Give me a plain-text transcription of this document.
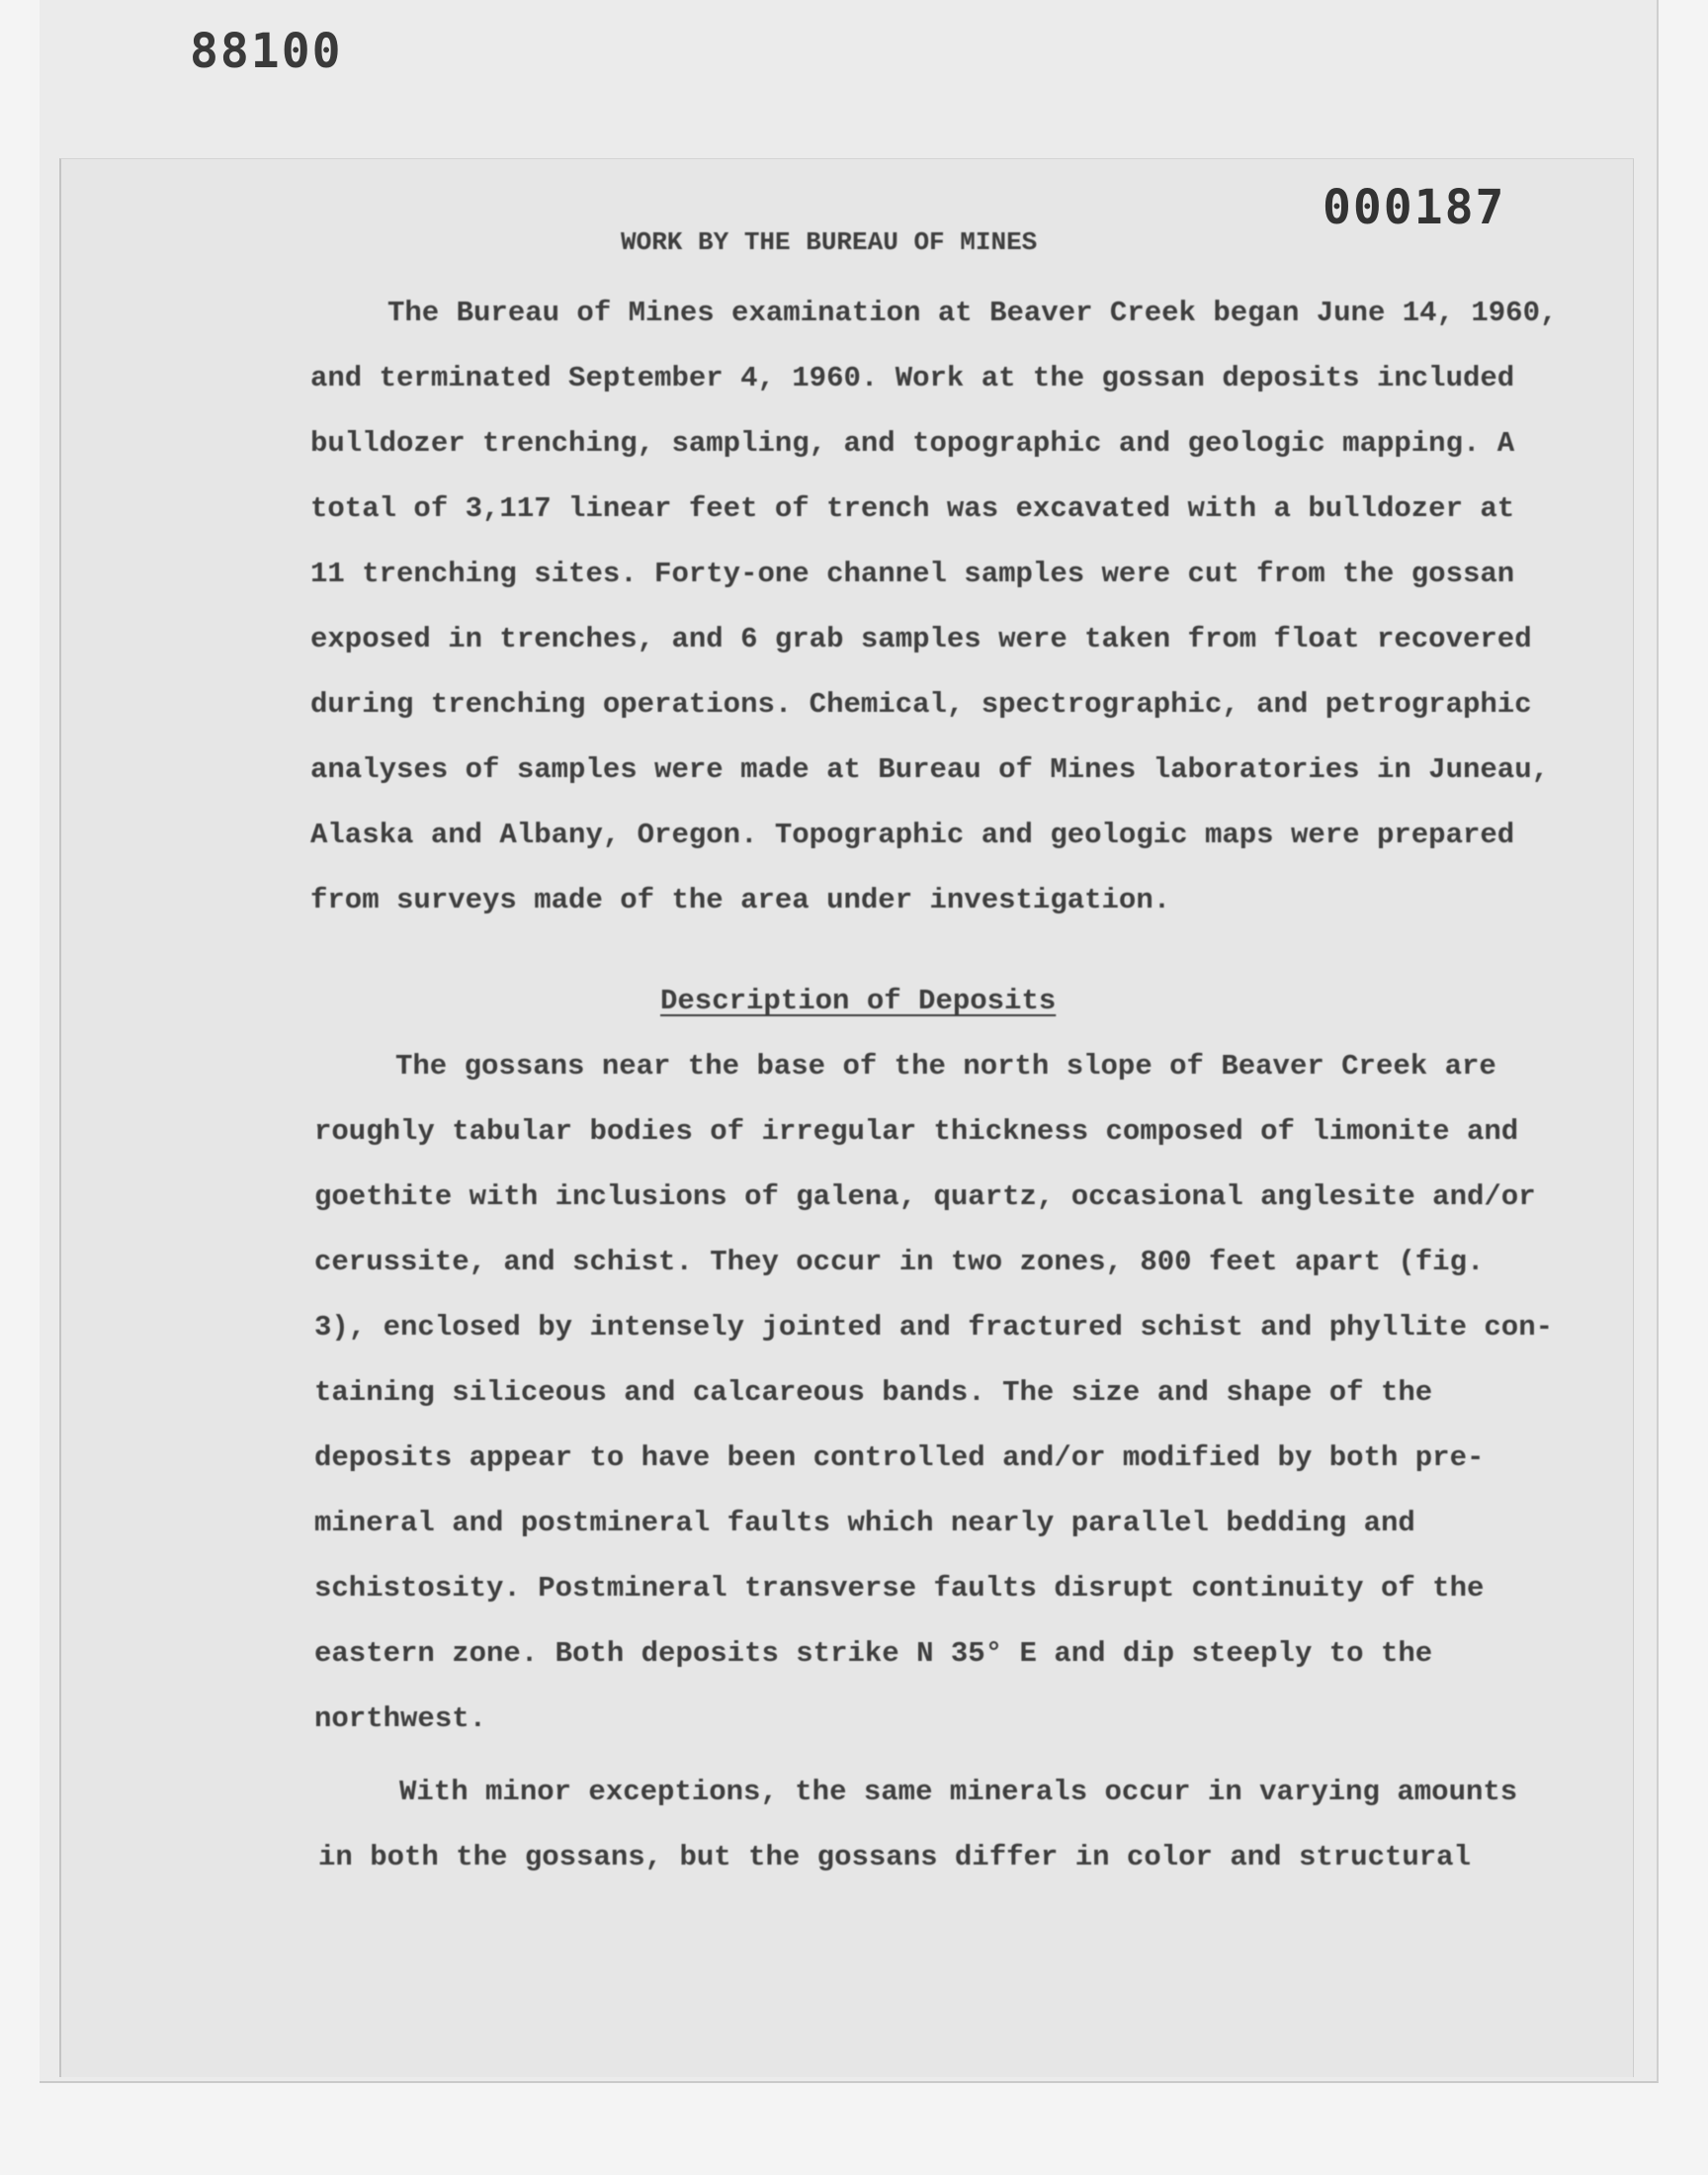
88100
000187
WORK BY THE BUREAU OF MINES
The Bureau of Mines examination at Beaver Creek began June 14, 1960,
and terminated September 4, 1960. Work at the gossan deposits included
bulldozer trenching, sampling, and topographic and geologic mapping. A
total of 3,117 linear feet of trench was excavated with a bulldozer at
11 trenching sites. Forty-one channel samples were cut from the gossan
exposed in trenches, and 6 grab samples were taken from float recovered
during trenching operations. Chemical, spectrographic, and petrographic
analyses of samples were made at Bureau of Mines laboratories in Juneau,
Alaska and Albany, Oregon. Topographic and geologic maps were prepared
from surveys made of the area under investigation.
Description of Deposits
The gossans near the base of the north slope of Beaver Creek are
roughly tabular bodies of irregular thickness composed of limonite and
goethite with inclusions of galena, quartz, occasional anglesite and/or
cerussite, and schist. They occur in two zones, 800 feet apart (fig.
3), enclosed by intensely jointed and fractured schist and phyllite con-
taining siliceous and calcareous bands. The size and shape of the
deposits appear to have been controlled and/or modified by both pre-
mineral and postmineral faults which nearly parallel bedding and
schistosity. Postmineral transverse faults disrupt continuity of the
eastern zone. Both deposits strike N 35° E and dip steeply to the
northwest.
With minor exceptions, the same minerals occur in varying amounts
in both the gossans, but the gossans differ in color and structural
